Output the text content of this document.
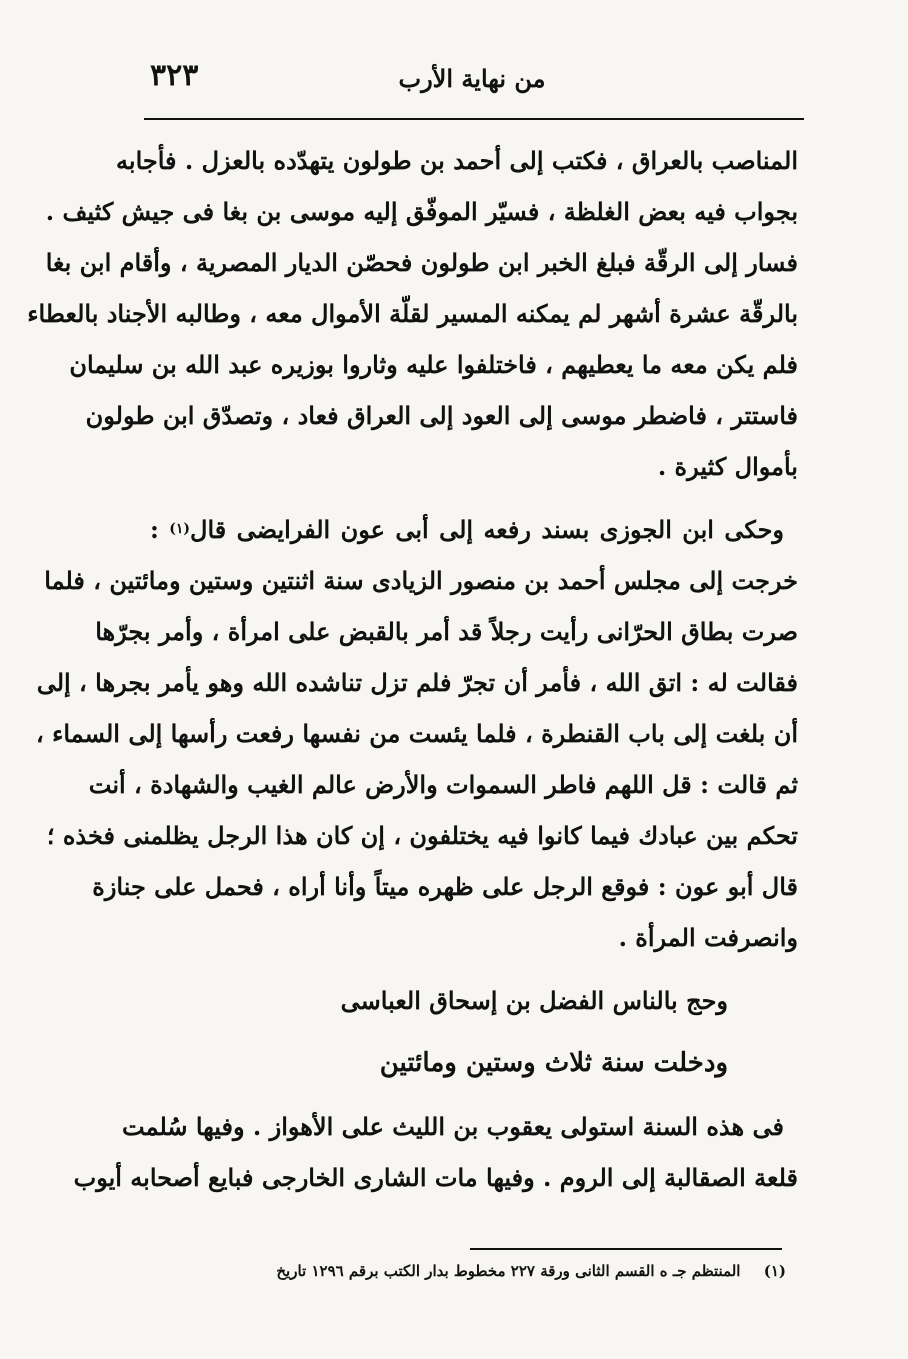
٣٢٣	من نهاية الأرب
المناصب بالعراق ، فكتب إلى أحمد بن طولون يتهدّده بالعزل . فأجابه
بجواب فيه بعض الغلظة ، فسيّر الموفّق إليه موسى بن بغا فى جيش كثيف .
فسار إلى الرقّة فبلغ الخبر ابن طولون فحصّن الديار المصرية ، وأقام ابن بغا
بالرقّة عشرة أشهر لم يمكنه المسير لقلّة الأموال معه ، وطالبه الأجناد بالعطاء
فلم يكن معه ما يعطيهم ، فاختلفوا عليه وثاروا بوزيره عبد الله بن سليمان
فاستتر ، فاضطر موسى إلى العود إلى العراق فعاد ، وتصدّق ابن طولون
بأموال كثيرة .
وحكى ابن الجوزى بسند رفعه إلى أبى عون الفرايضى قال$^{(١)}$ :
خرجت إلى مجلس أحمد بن منصور الزيادى سنة اثنتين وستين ومائتين ، فلما
صرت بطاق الحرّانى رأيت رجلاً قد أمر بالقبض على امرأة ، وأمر بجرّها
فقالت له : اتق الله ، فأمر أن تجرّ فلم تزل تناشده الله وهو يأمر بجرها ، إلى
أن بلغت إلى باب القنطرة ، فلما يئست من نفسها رفعت رأسها إلى السماء ،
ثم قالت : قل اللهم فاطر السموات والأرض عالم الغيب والشهادة ، أنت
تحكم بين عبادك فيما كانوا فيه يختلفون ، إن كان هذا الرجل يظلمنى فخذه ؛
قال أبو عون : فوقع الرجل على ظهره ميتاً وأنا أراه ، فحمل على جنازة
وانصرفت المرأة .
وحج بالناس الفضل بن إسحاق العباسى
ودخلت سنة ثلاث وستين ومائتين
فى هذه السنة استولى يعقوب بن الليث على الأهواز . وفيها سُلمت
قلعة الصقالبة إلى الروم . وفيها مات الشارى الخارجى فبايع أصحابه أيوب
(١) المنتظم جـ ه القسم الثانى ورقة ٢٢٧ مخطوط بدار الكتب برقم ١٢٩٦ تاريخ
